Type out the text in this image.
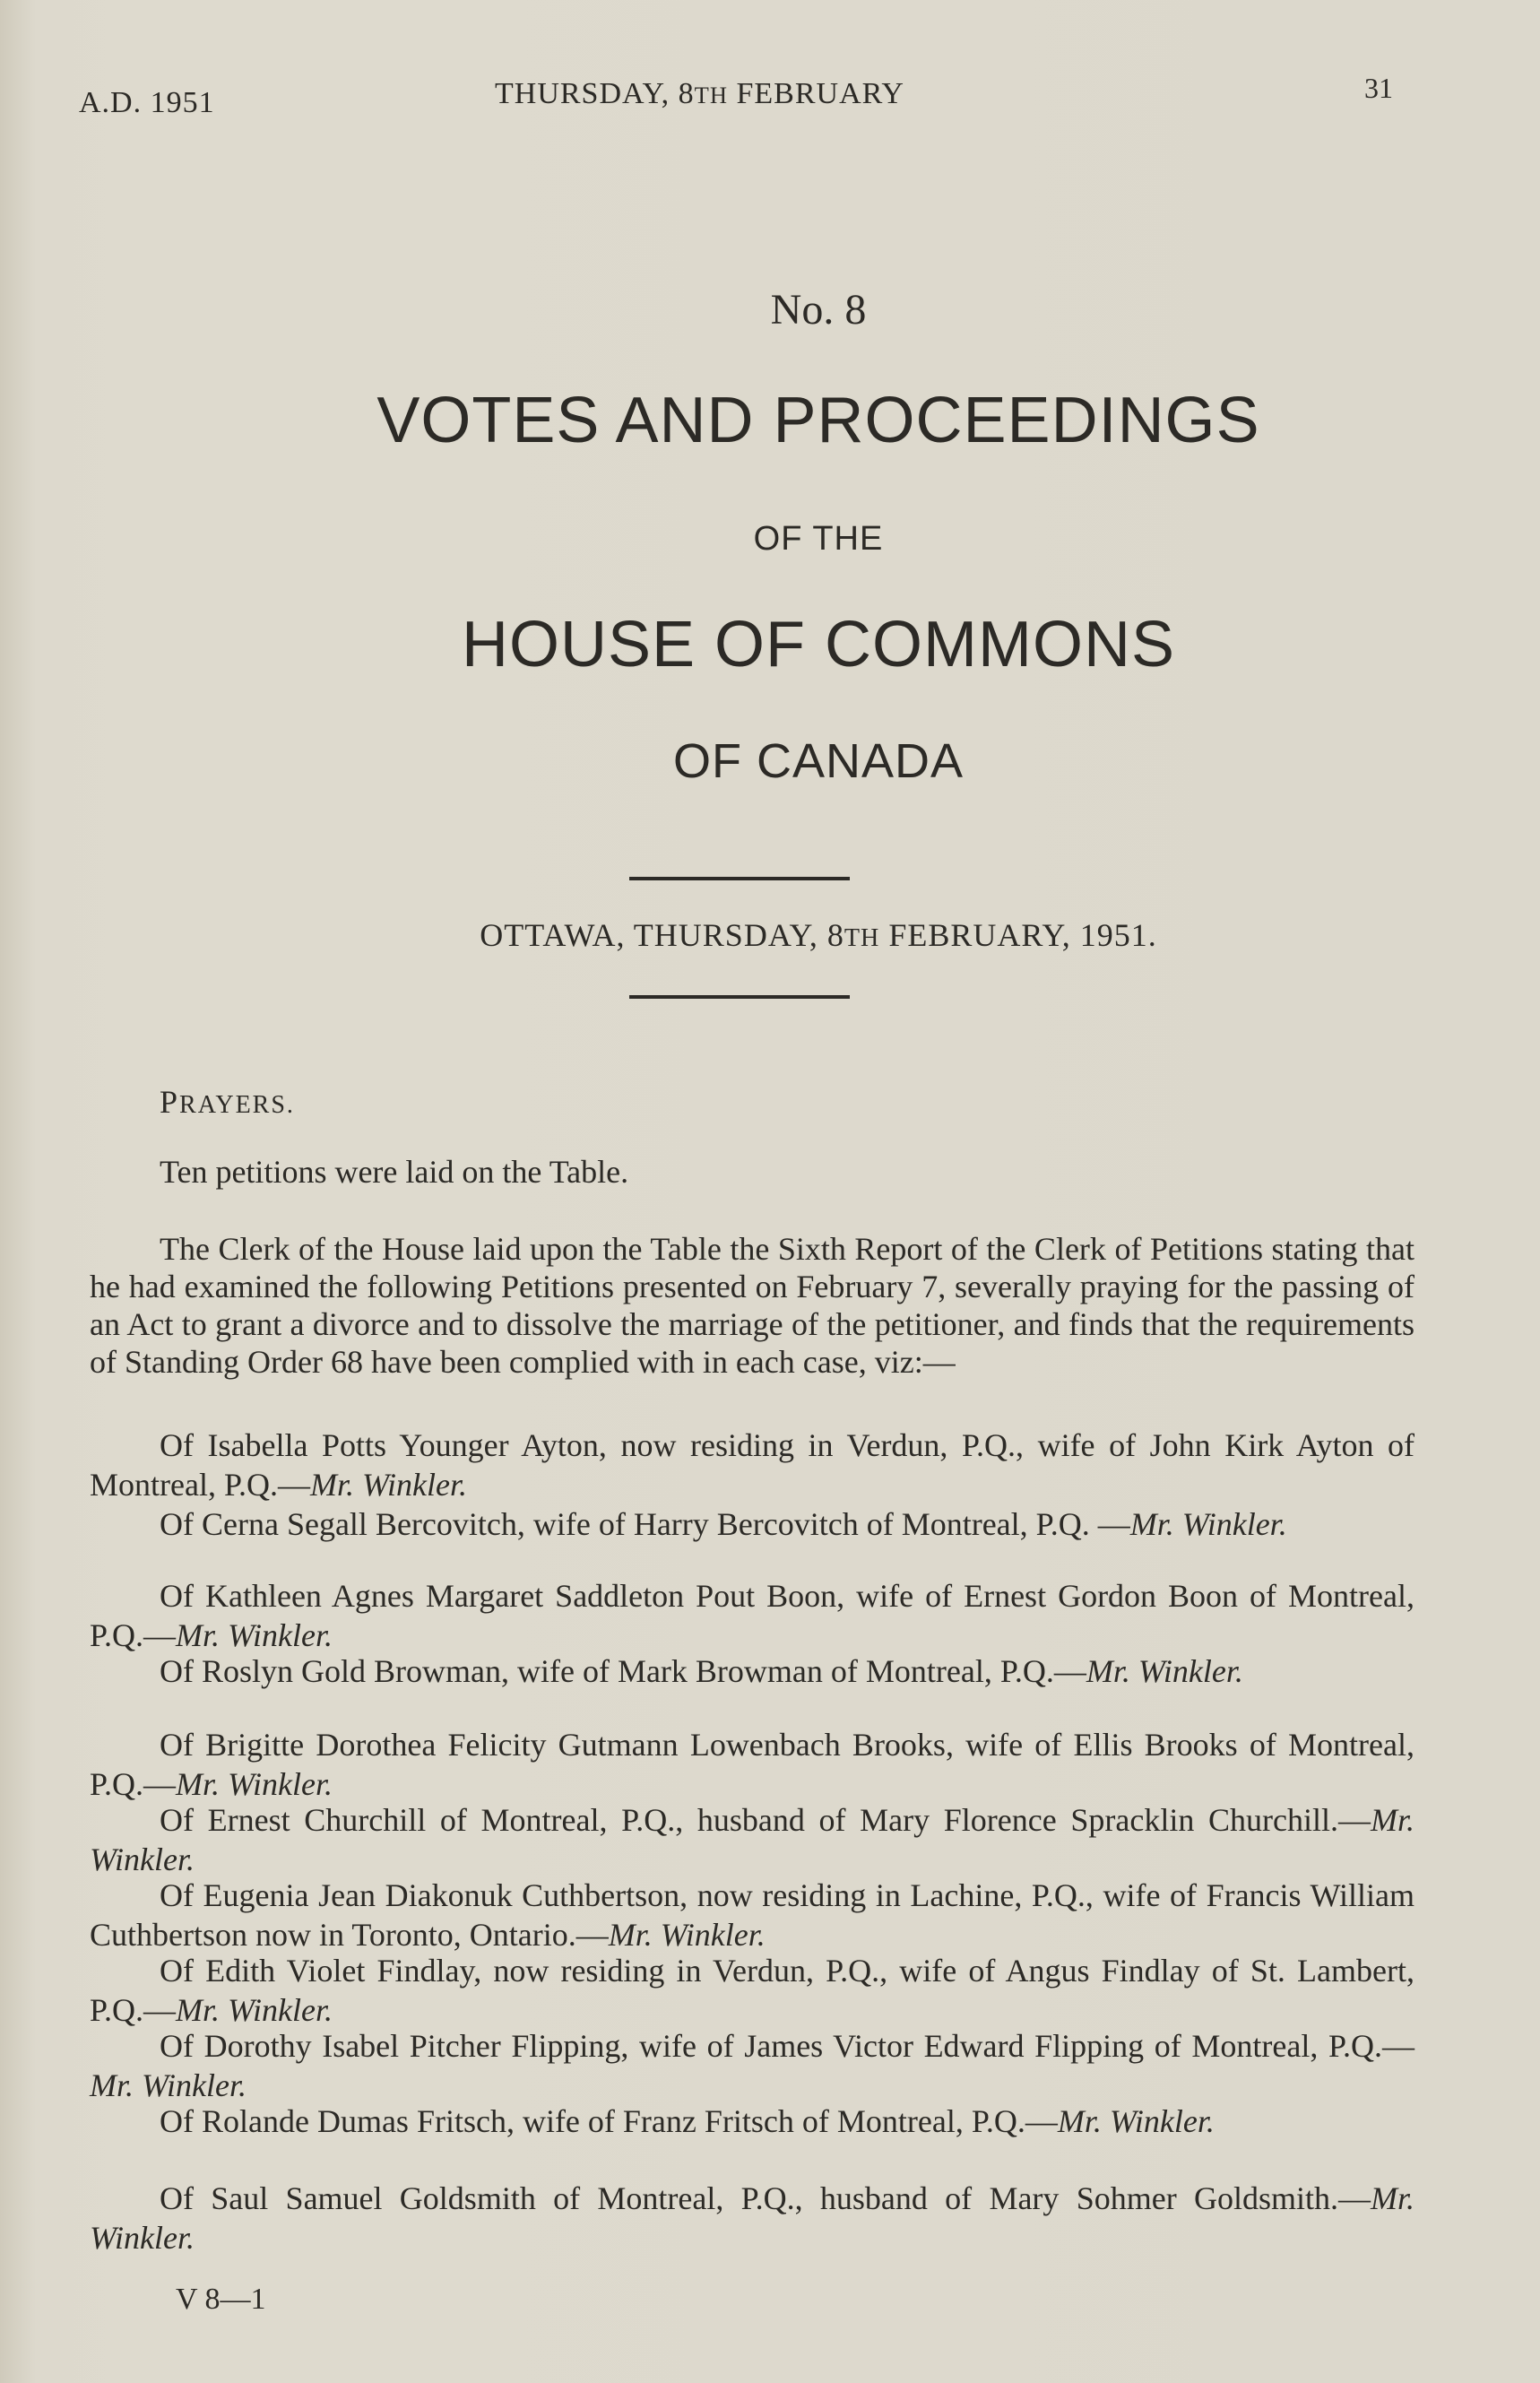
A.D. 1951	THURSDAY, 8TH FEBRUARY	31
No. 8
VOTES AND PROCEEDINGS
OF THE
HOUSE OF COMMONS
OF CANADA
OTTAWA, THURSDAY, 8TH FEBRUARY, 1951.
PRAYERS.
Ten petitions were laid on the Table.
The Clerk of the House laid upon the Table the Sixth Report of the Clerk of Petitions stating that he had examined the following Petitions presented on February 7, severally praying for the passing of an Act to grant a divorce and to dissolve the marriage of the petitioner, and finds that the requirements of Standing Order 68 have been complied with in each case, viz:—
Of Isabella Potts Younger Ayton, now residing in Verdun, P.Q., wife of John Kirk Ayton of Montreal, P.Q.—Mr. Winkler.
Of Cerna Segall Bercovitch, wife of Harry Bercovitch of Montreal, P.Q. —Mr. Winkler.
Of Kathleen Agnes Margaret Saddleton Pout Boon, wife of Ernest Gordon Boon of Montreal, P.Q.—Mr. Winkler.
Of Roslyn Gold Browman, wife of Mark Browman of Montreal, P.Q.—Mr. Winkler.
Of Brigitte Dorothea Felicity Gutmann Lowenbach Brooks, wife of Ellis Brooks of Montreal, P.Q.—Mr. Winkler.
Of Ernest Churchill of Montreal, P.Q., husband of Mary Florence Spracklin Churchill.—Mr. Winkler.
Of Eugenia Jean Diakonuk Cuthbertson, now residing in Lachine, P.Q., wife of Francis William Cuthbertson now in Toronto, Ontario.—Mr. Winkler.
Of Edith Violet Findlay, now residing in Verdun, P.Q., wife of Angus Findlay of St. Lambert, P.Q.—Mr. Winkler.
Of Dorothy Isabel Pitcher Flipping, wife of James Victor Edward Flipping of Montreal, P.Q.—Mr. Winkler.
Of Rolande Dumas Fritsch, wife of Franz Fritsch of Montreal, P.Q.—Mr. Winkler.
Of Saul Samuel Goldsmith of Montreal, P.Q., husband of Mary Sohmer Goldsmith.—Mr. Winkler.
V 8—1
